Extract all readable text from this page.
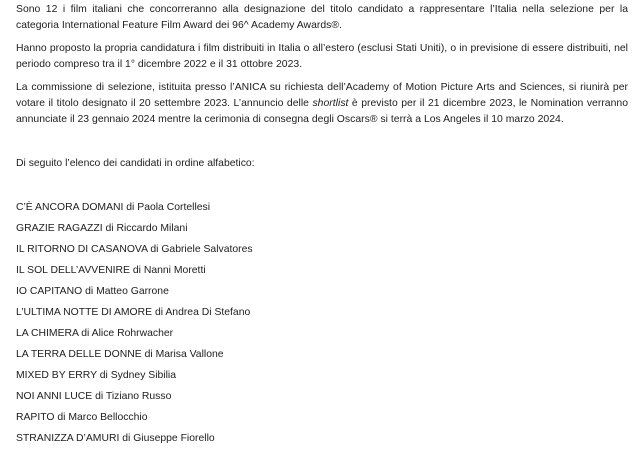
Sono 12 i film italiani che concorreranno alla designazione del titolo candidato a rappresentare l’Italia nella selezione per la categoria International Feature Film Award dei 96^ Academy Awards®.

Hanno proposto la propria candidatura i film distribuiti in Italia o all’estero (esclusi Stati Uniti), o in previsione di essere distribuiti, nel periodo compreso tra il 1° dicembre 2022 e il 31 ottobre 2023.

La commissione di selezione, istituita presso l’ANICA su richiesta dell’Academy of Motion Picture Arts and Sciences, si riunirà per votare il titolo designato il 20 settembre 2023. L’annuncio delle shortlist è previsto per il 21 dicembre 2023, le Nomination verranno annunciate il 23 gennaio 2024 mentre la cerimonia di consegna degli Oscars® si terrà a Los Angeles il 10 marzo 2024.

Di seguito l’elenco dei candidati in ordine alfabetico:

C’È ANCORA DOMANI di Paola Cortellesi
GRAZIE RAGAZZI di Riccardo Milani
IL RITORNO DI CASANOVA di Gabriele Salvatores
IL SOL DELL’AVVENIRE di Nanni Moretti
IO CAPITANO di Matteo Garrone
L’ULTIMA NOTTE DI AMORE di Andrea Di Stefano
LA CHIMERA di Alice Rohrwacher
LA TERRA DELLE DONNE di Marisa Vallone
MIXED BY ERRY di Sydney Sibilia
NOI ANNI LUCE di Tiziano Russo
RAPITO di Marco Bellocchio
STRANIZZA D’AMURI di Giuseppe Fiorello
